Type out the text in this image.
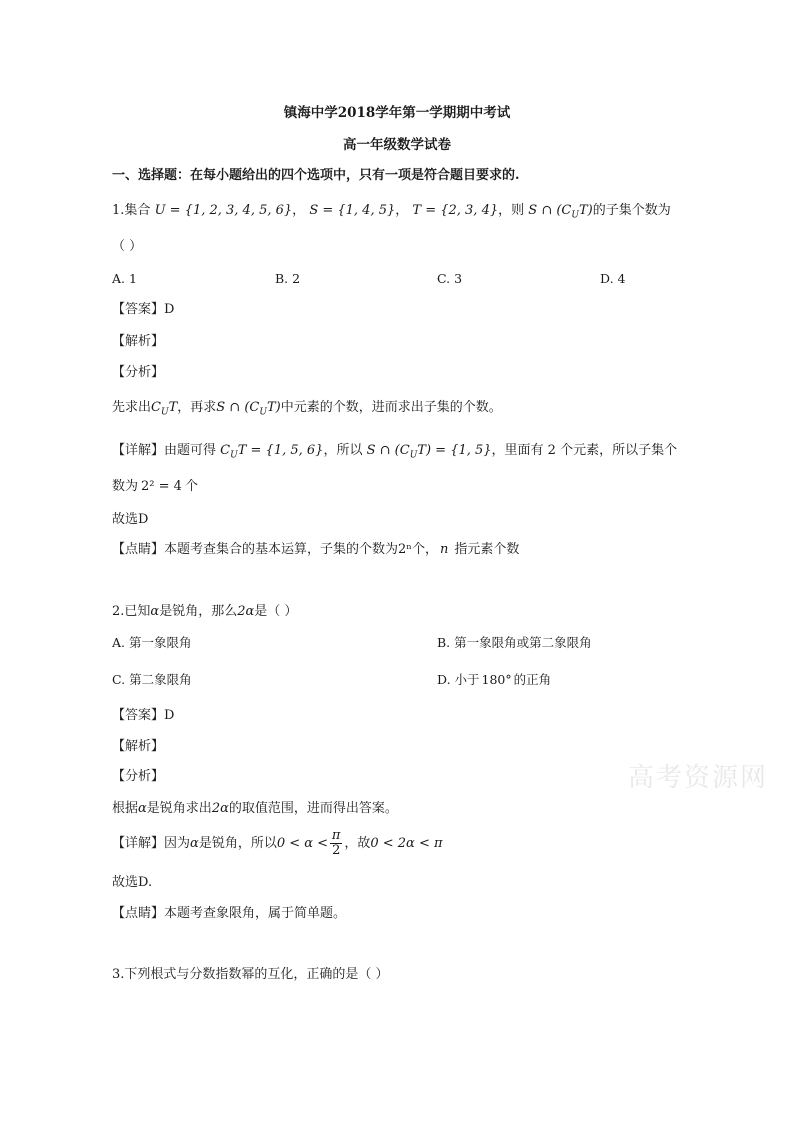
镇海中学2018学年第一学期期中考试
高一年级数学试卷
一、选择题：在每小题给出的四个选项中，只有一项是符合题目要求的.
1.集合 U = {1, 2, 3, 4, 5, 6}， S = {1, 4, 5}， T = {2, 3, 4}，则 S ∩ $(C_UT)$的子集个数为
（ ）
A. 1	B. 2	C. 3	D. 4
【答案】D
【解析】
【分析】
先求出$C_UT$，再求S ∩ $(C_UT)$中元素的个数，进而求出子集的个数。
【详解】由题可得 $C_UT = \{1$, 5, 6}，所以 S ∩ $(C_UT) = \{1$, 5}，里面有 2 个元素，所以子集个
数为 2² = 4 个
故选D
【点睛】本题考查集合的基本运算，子集的个数为2ⁿ个， n 指元素个数
2.已知α是锐角，那么2α是（ ）
A. 第一象限角	B. 第一象限角或第二象限角
C. 第二象限角	D. 小于 180° 的正角
【答案】D
【解析】
【分析】
根据α是锐角求出2α的取值范围，进而得出答案。
【详解】因为α是锐角，所以$0 < \alpha < \frac{\pi}{2}$ ，故0 < 2α < π
故选D.
【点睛】本题考查象限角，属于简单题。
3.下列根式与分数指数幂的互化，正确的是（ ）
高考资源网
